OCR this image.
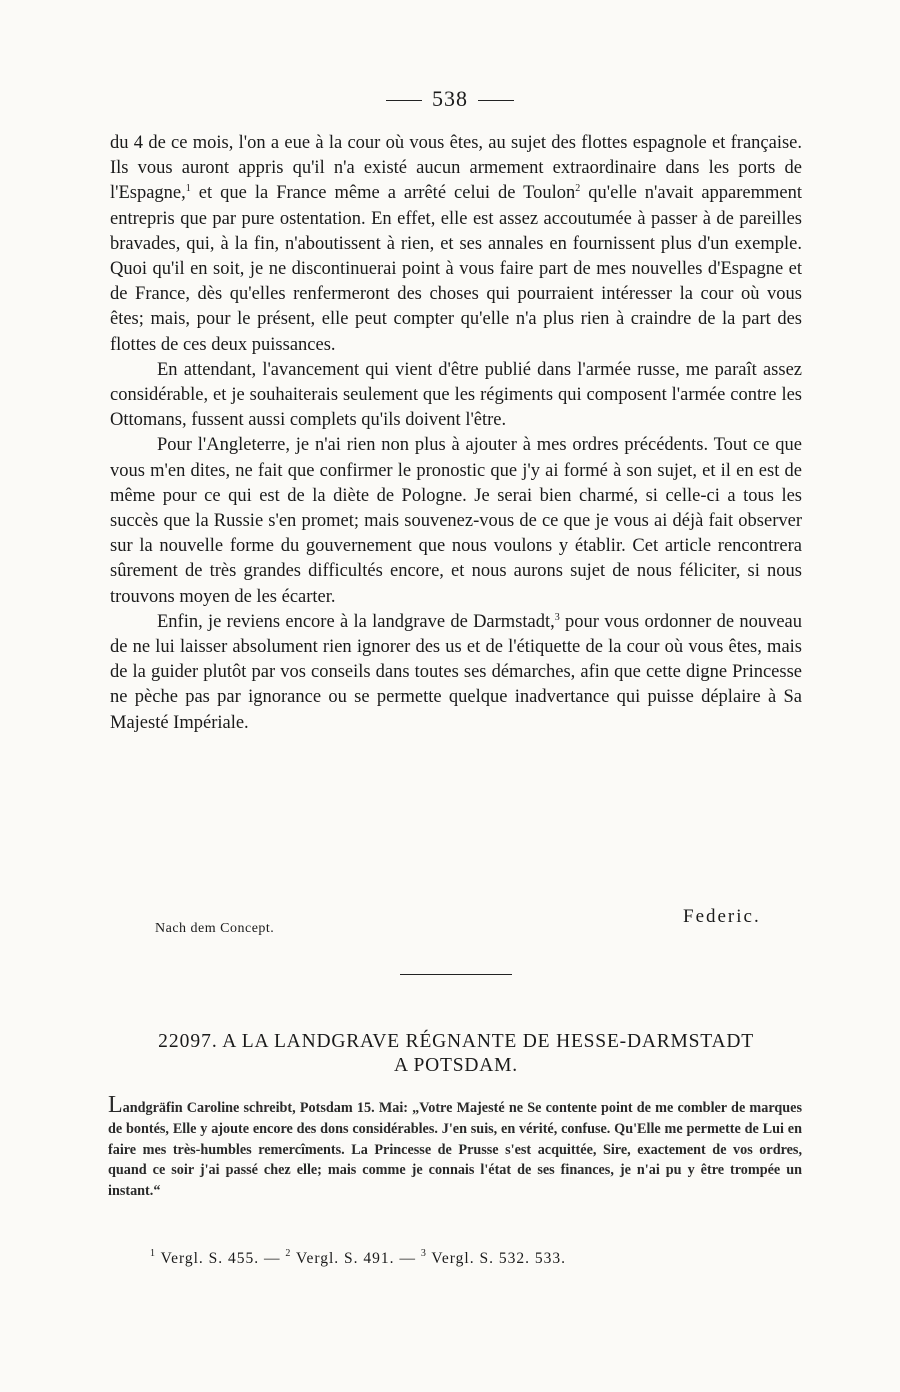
538

du 4 de ce mois, l'on a eue à la cour où vous êtes, au sujet des flottes espagnole et française. Ils vous auront appris qu'il n'a existé aucun armement extraordinaire dans les ports de l'Espagne,$^1$ et que la France même a arrêté celui de Toulon$^2$ qu'elle n'avait apparemment entrepris que par pure ostentation. En effet, elle est assez accoutumée à passer à de pareilles bravades, qui, à la fin, n'aboutissent à rien, et ses annales en fournissent plus d'un exemple. Quoi qu'il en soit, je ne discontinuerai point à vous faire part de mes nouvelles d'Espagne et de France, dès qu'elles renfermeront des choses qui pourraient intéresser la cour où vous êtes; mais, pour le présent, elle peut compter qu'elle n'a plus rien à craindre de la part des flottes de ces deux puissances.

En attendant, l'avancement qui vient d'être publié dans l'armée russe, me paraît assez considérable, et je souhaiterais seulement que les régiments qui composent l'armée contre les Ottomans, fussent aussi complets qu'ils doivent l'être.

Pour l'Angleterre, je n'ai rien non plus à ajouter à mes ordres précédents. Tout ce que vous m'en dites, ne fait que confirmer le pronostic que j'y ai formé à son sujet, et il en est de même pour ce qui est de la diète de Pologne. Je serai bien charmé, si celle-ci a tous les succès que la Russie s'en promet; mais souvenez-vous de ce que je vous ai déjà fait observer sur la nouvelle forme du gouvernement que nous voulons y établir. Cet article rencontrera sûrement de très grandes difficultés encore, et nous aurons sujet de nous féliciter, si nous trouvons moyen de les écarter.

Enfin, je reviens encore à la landgrave de Darmstadt,$^3$ pour vous ordonner de nouveau de ne lui laisser absolument rien ignorer des us et de l'étiquette de la cour où vous êtes, mais de la guider plutôt par vos conseils dans toutes ses démarches, afin que cette digne Princesse ne pèche pas par ignorance ou se permette quelque inadvertance qui puisse déplaire à Sa Majesté Impériale.

Federic.
Nach dem Concept.
22097. A LA LANDGRAVE RÉGNANTE DE HESSE-DARMSTADT
A POTSDAM.
Landgräfin Caroline schreibt, Potsdam 15. Mai: „Votre Majesté ne Se contente point de me combler de marques de bontés, Elle y ajoute encore des dons considérables. J'en suis, en vérité, confuse. Qu'Elle me permette de Lui en faire mes très-humbles remercîments. La Princesse de Prusse s'est acquittée, Sire, exactement de vos ordres, quand ce soir j'ai passé chez elle; mais comme je connais l'état de ses finances, je n'ai pu y être trompée un instant.“
$^1$ Vergl. S. 455. — $^2$ Vergl. S. 491. — $^3$ Vergl. S. 532. 533.
